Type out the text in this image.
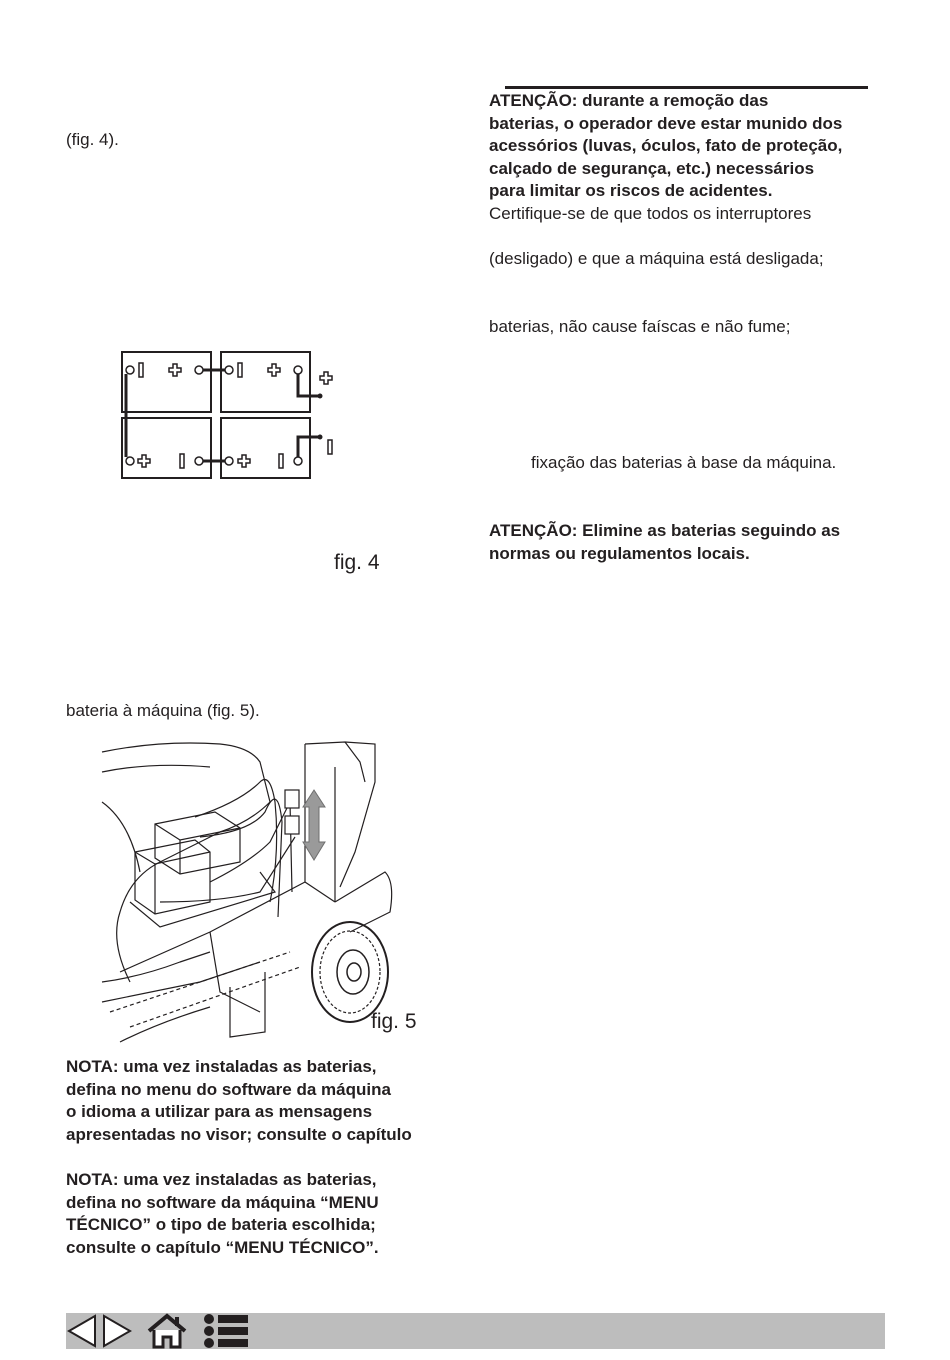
ATENÇÃO: durante a remoção das

baterias, o operador deve estar munido dos

acessórios (luvas, óculos, fato de proteção,

calçado de segurança, etc.) necessários

para limitar os riscos de acidentes.

Certifique-se de que todos os interruptores

(desligado) e que a máquina está desligada;

baterias, não cause faíscas e não fume;

fixação das baterias à base da máquina.

ATENÇÃO: Elimine as baterias seguindo as

normas ou regulamentos locais.

(fig. 4).

fig. 4

bateria à máquina (fig. 5).

fig. 5

NOTA: uma vez instaladas as baterias,

defina no menu do software da máquina

o idioma a utilizar para as mensagens

apresentadas no visor; consulte o capítulo

NOTA: uma vez instaladas as baterias,

defina no software da máquina “MENU

TÉCNICO” o tipo de bateria escolhida;

consulte o capítulo “MENU TÉCNICO”.
